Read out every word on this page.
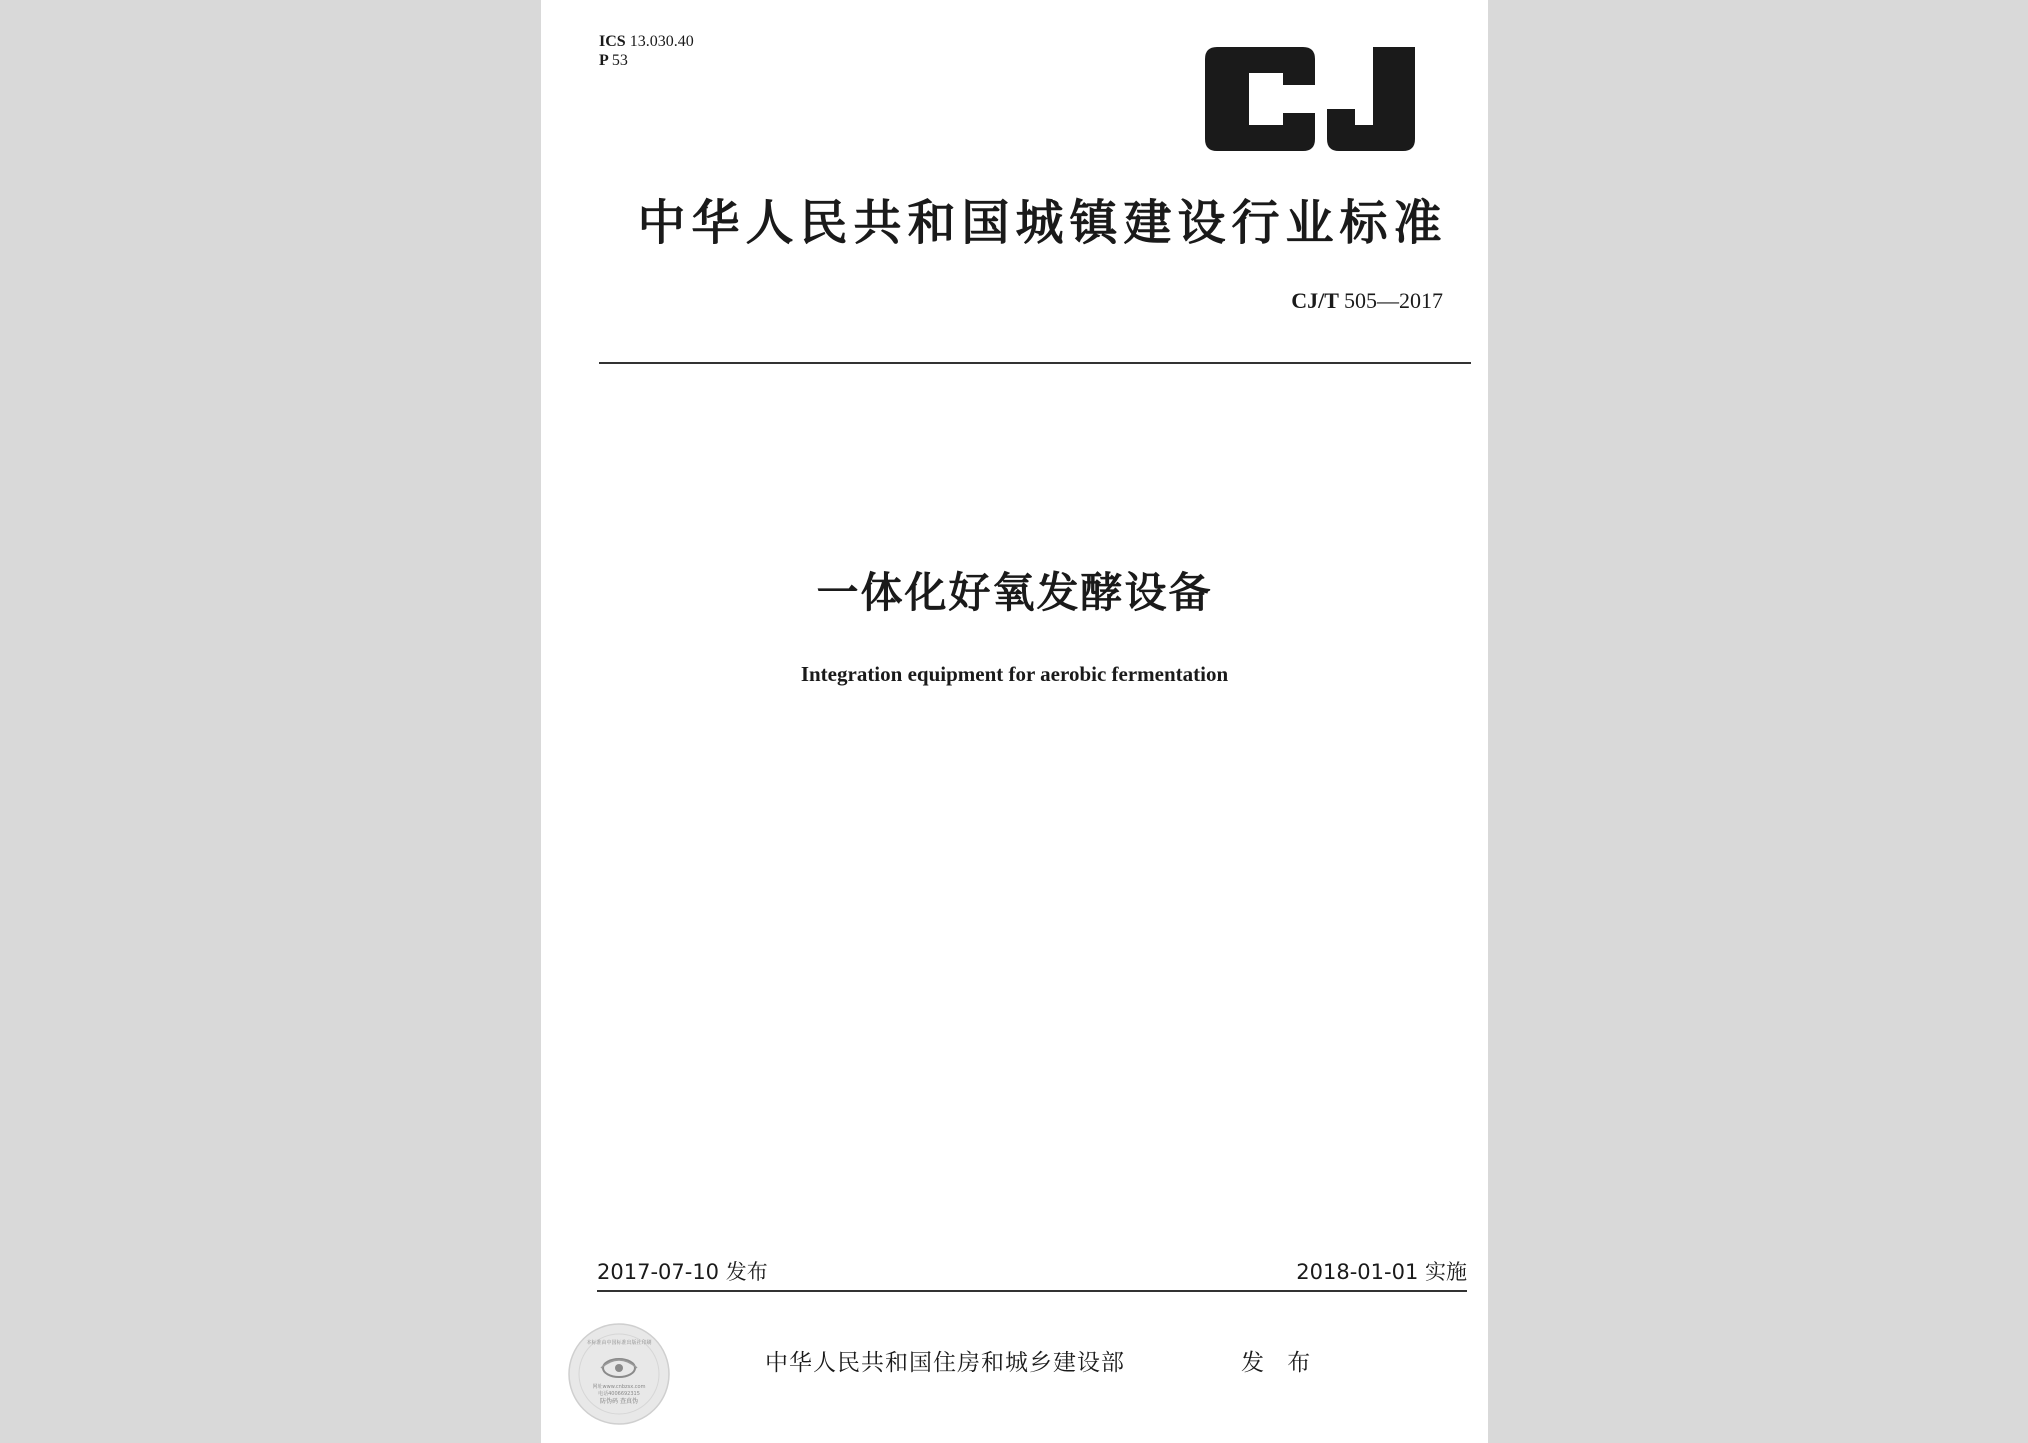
ICS 13.030.40
P 53
中华人民共和国城镇建设行业标准
CJ/T 505—2017
一体化好氧发酵设备
Integration equipment for aerobic fermentation
2017-07-10 发布	2018-01-01 实施
本标准由中国标准出版社印刷
网址www.cnbzsx.com
电话4006692315
防伪码 查真伪
中华人民共和国住房和城乡建设部	发 布
